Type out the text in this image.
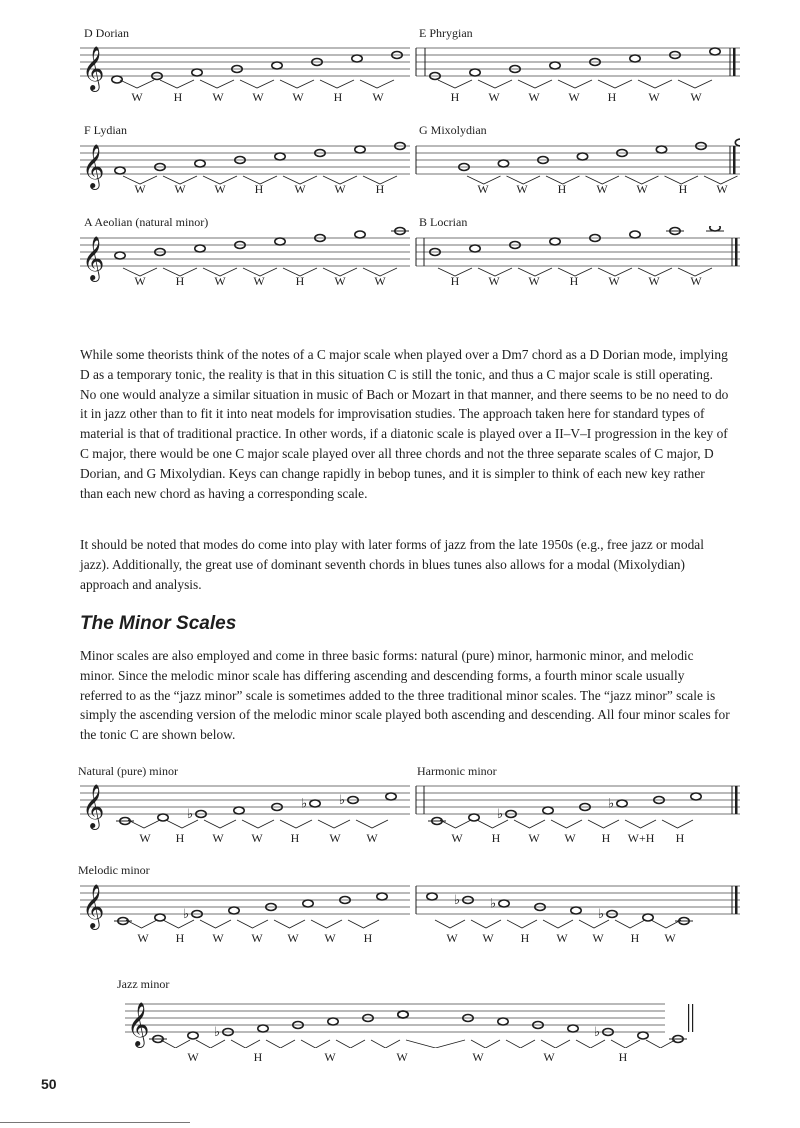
D Dorian	E Phrygian
𝄞
W	H	W W W	H	W	H W W W H	W	W
F Lydian	G Mixolydian
𝄞
W W W H	W W	H	W W	H	W W	H W
A Aeolian (natural minor)	B Locrian
𝄞
W	H	W W	H	W W	H W W	H	W W	W

While some theorists think of the notes of a C major scale when played over a Dm7 chord as a D Dorian mode, implying D as a temporary tonic, the reality is that in this situation C is still the tonic, and thus a C major scale is still operating. No one would analyze a similar situation in music of Bach or Mozart in that manner, and there seems to be no need to do it in jazz other than to fit it into neat models for improvisation studies. The approach taken here for standard types of material is that of traditional practice. In other words, if a diatonic scale is played over a II–V–I progression in the key of C major, there would be one C major scale played over all three chords and not the three separate scales of C major, D Dorian, and G Mixolydian. Keys can change rapidly in bebop tunes, and it is simpler to think of each new key rather than each new chord as having a corresponding scale.

It should be noted that modes do come into play with later forms of jazz from the late 1950s (e.g., free jazz or modal jazz). Additionally, the great use of dominant seventh chords in blues tunes also allows for a modal (Mixolydian) approach and analysis.

The Minor Scales

Minor scales are also employed and come in three basic forms: natural (pure) minor, harmonic minor, and melodic minor. Since the melodic minor scale has differing ascending and descending forms, a fourth minor scale usually referred to as the “jazz minor” scale is sometimes added to the three traditional minor scales. The “jazz minor” scale is simply the ascending version of the melodic minor scale played both ascending and descending. All four minor scales for the tonic C are shown below.

Natural (pure) minor	Harmonic minor
𝄞	♭
♭ ♭
♭
♭
W H W W H	W W	W H W W H W+H H
Melodic minor
𝄞	♭
♭ ♭
♭
W H W W W W H	W W H W W H W
Jazz minor
𝄞	♭	♭
W	H	W	W	W	W	H
50
